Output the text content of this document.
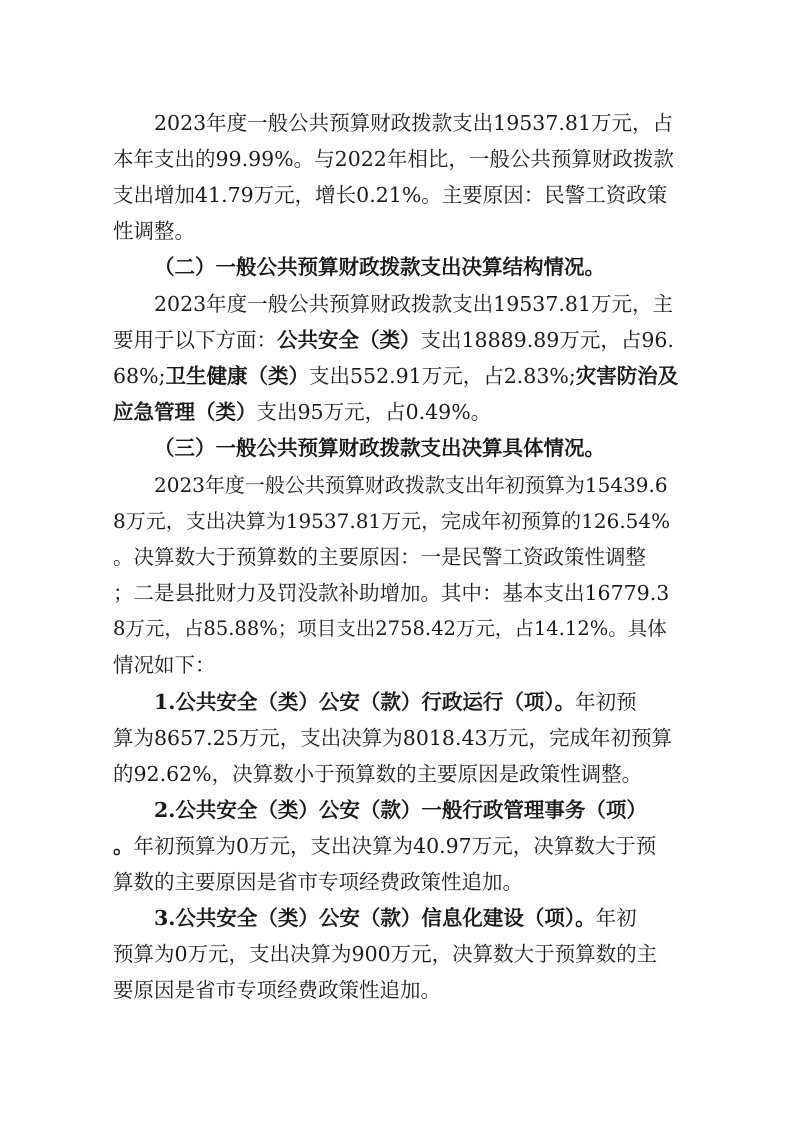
2023年度一般公共预算财政拨款支出19537.81万元，占
本年支出的99.99%。与2022年相比，一般公共预算财政拨款
支出增加41.79万元，增长0.21%。主要原因：民警工资政策
性调整。
（二）一般公共预算财政拨款支出决算结构情况。
2023年度一般公共预算财政拨款支出19537.81万元，主
要用于以下方面：公共安全（类）支出18889.89万元，占96.
68%;卫生健康（类）支出552.91万元，占2.83%;灾害防治及
应急管理（类）支出95万元，占0.49%。
（三）一般公共预算财政拨款支出决算具体情况。
2023年度一般公共预算财政拨款支出年初预算为15439.6
8万元，支出决算为19537.81万元，完成年初预算的126.54%
。决算数大于预算数的主要原因：一是民警工资政策性调整
；二是县批财力及罚没款补助增加。其中：基本支出16779.3
8万元，占85.88%；项目支出2758.42万元，占14.12%。具体
情况如下：
1.公共安全（类）公安（款）行政运行（项）。年初预
算为8657.25万元，支出决算为8018.43万元，完成年初预算
的92.62%，决算数小于预算数的主要原因是政策性调整。
2.公共安全（类）公安（款）一般行政管理事务（项）
。年初预算为0万元，支出决算为40.97万元，决算数大于预
算数的主要原因是省市专项经费政策性追加。
3.公共安全（类）公安（款）信息化建设（项）。年初
预算为0万元，支出决算为900万元，决算数大于预算数的主
要原因是省市专项经费政策性追加。
